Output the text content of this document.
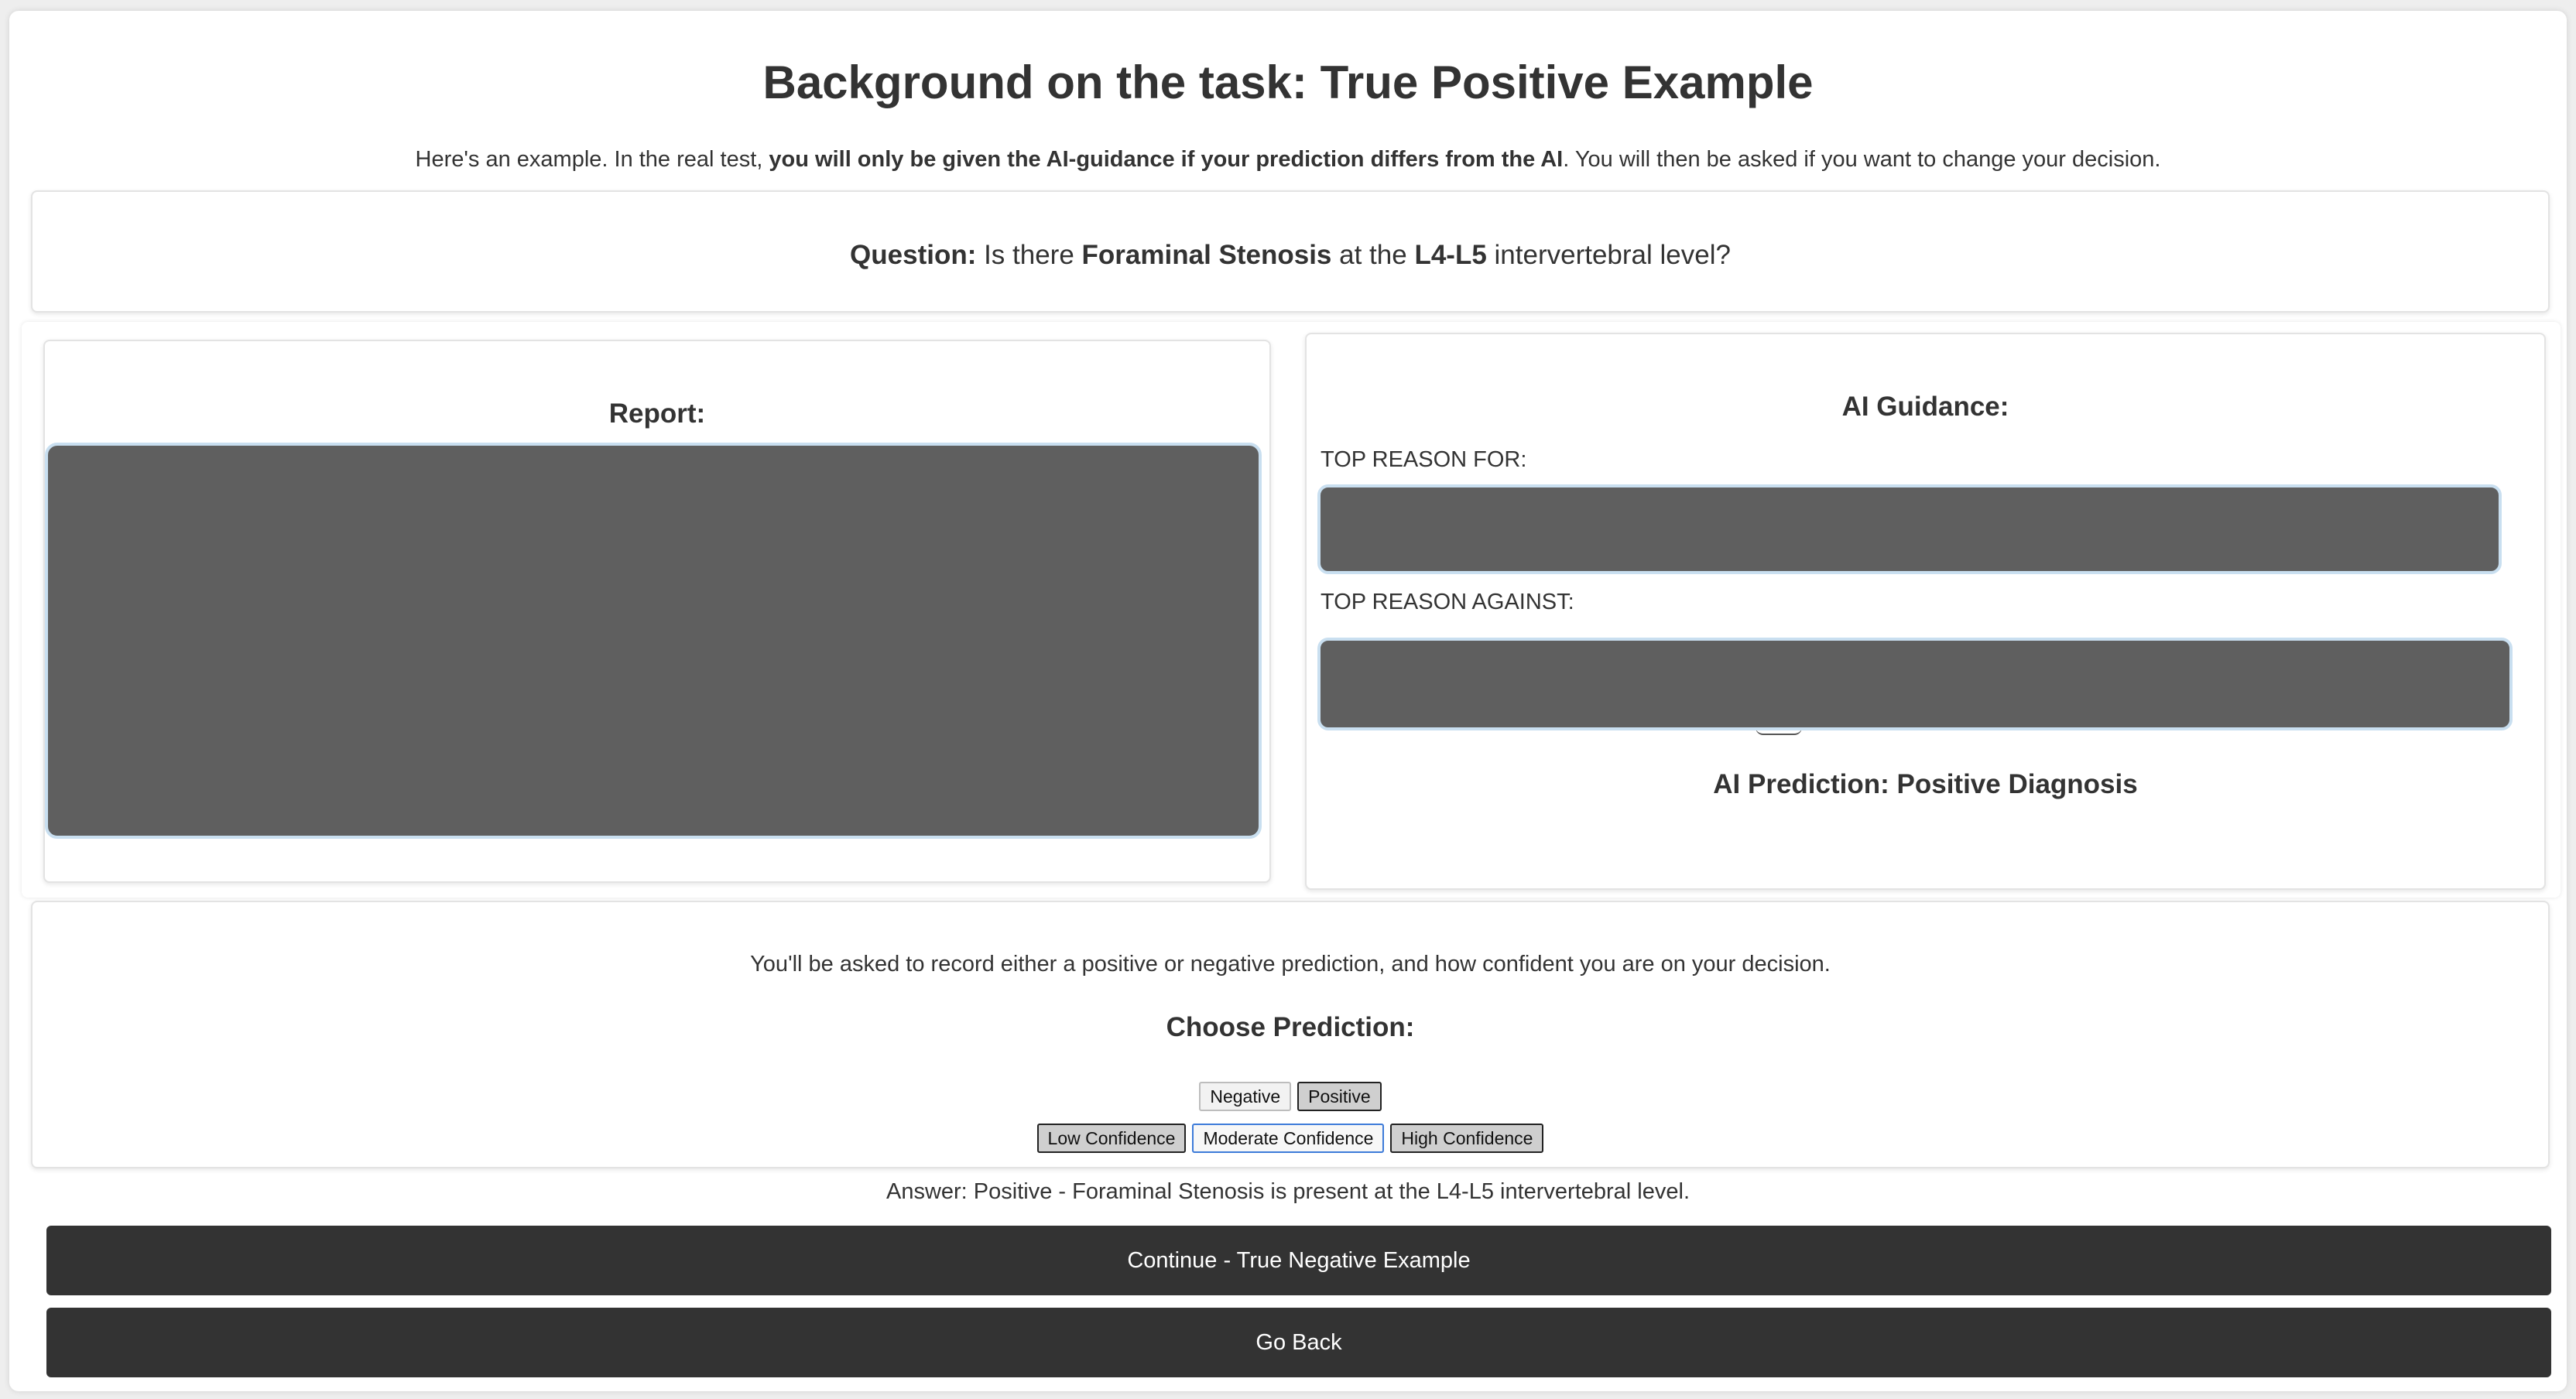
Background on the task: True Positive Example

Here's an example. In the real test, you will only be given the AI-guidance if your prediction differs from the AI. You will then be asked if you want to change your decision.

Question: Is there Foraminal Stenosis at the L4-L5 intervertebral level?

Report:	AI Guidance:
TOP REASON FOR:
TOP REASON AGAINST:
AI Prediction: Positive Diagnosis

You'll be asked to record either a positive or negative prediction, and how confident you are on your decision.

Choose Prediction:
Negative	Positive
Low Confidence	Moderate Confidence	High Confidence

Answer: Positive - Foraminal Stenosis is present at the L4-L5 intervertebral level.

Continue - True Negative Example
Go Back
